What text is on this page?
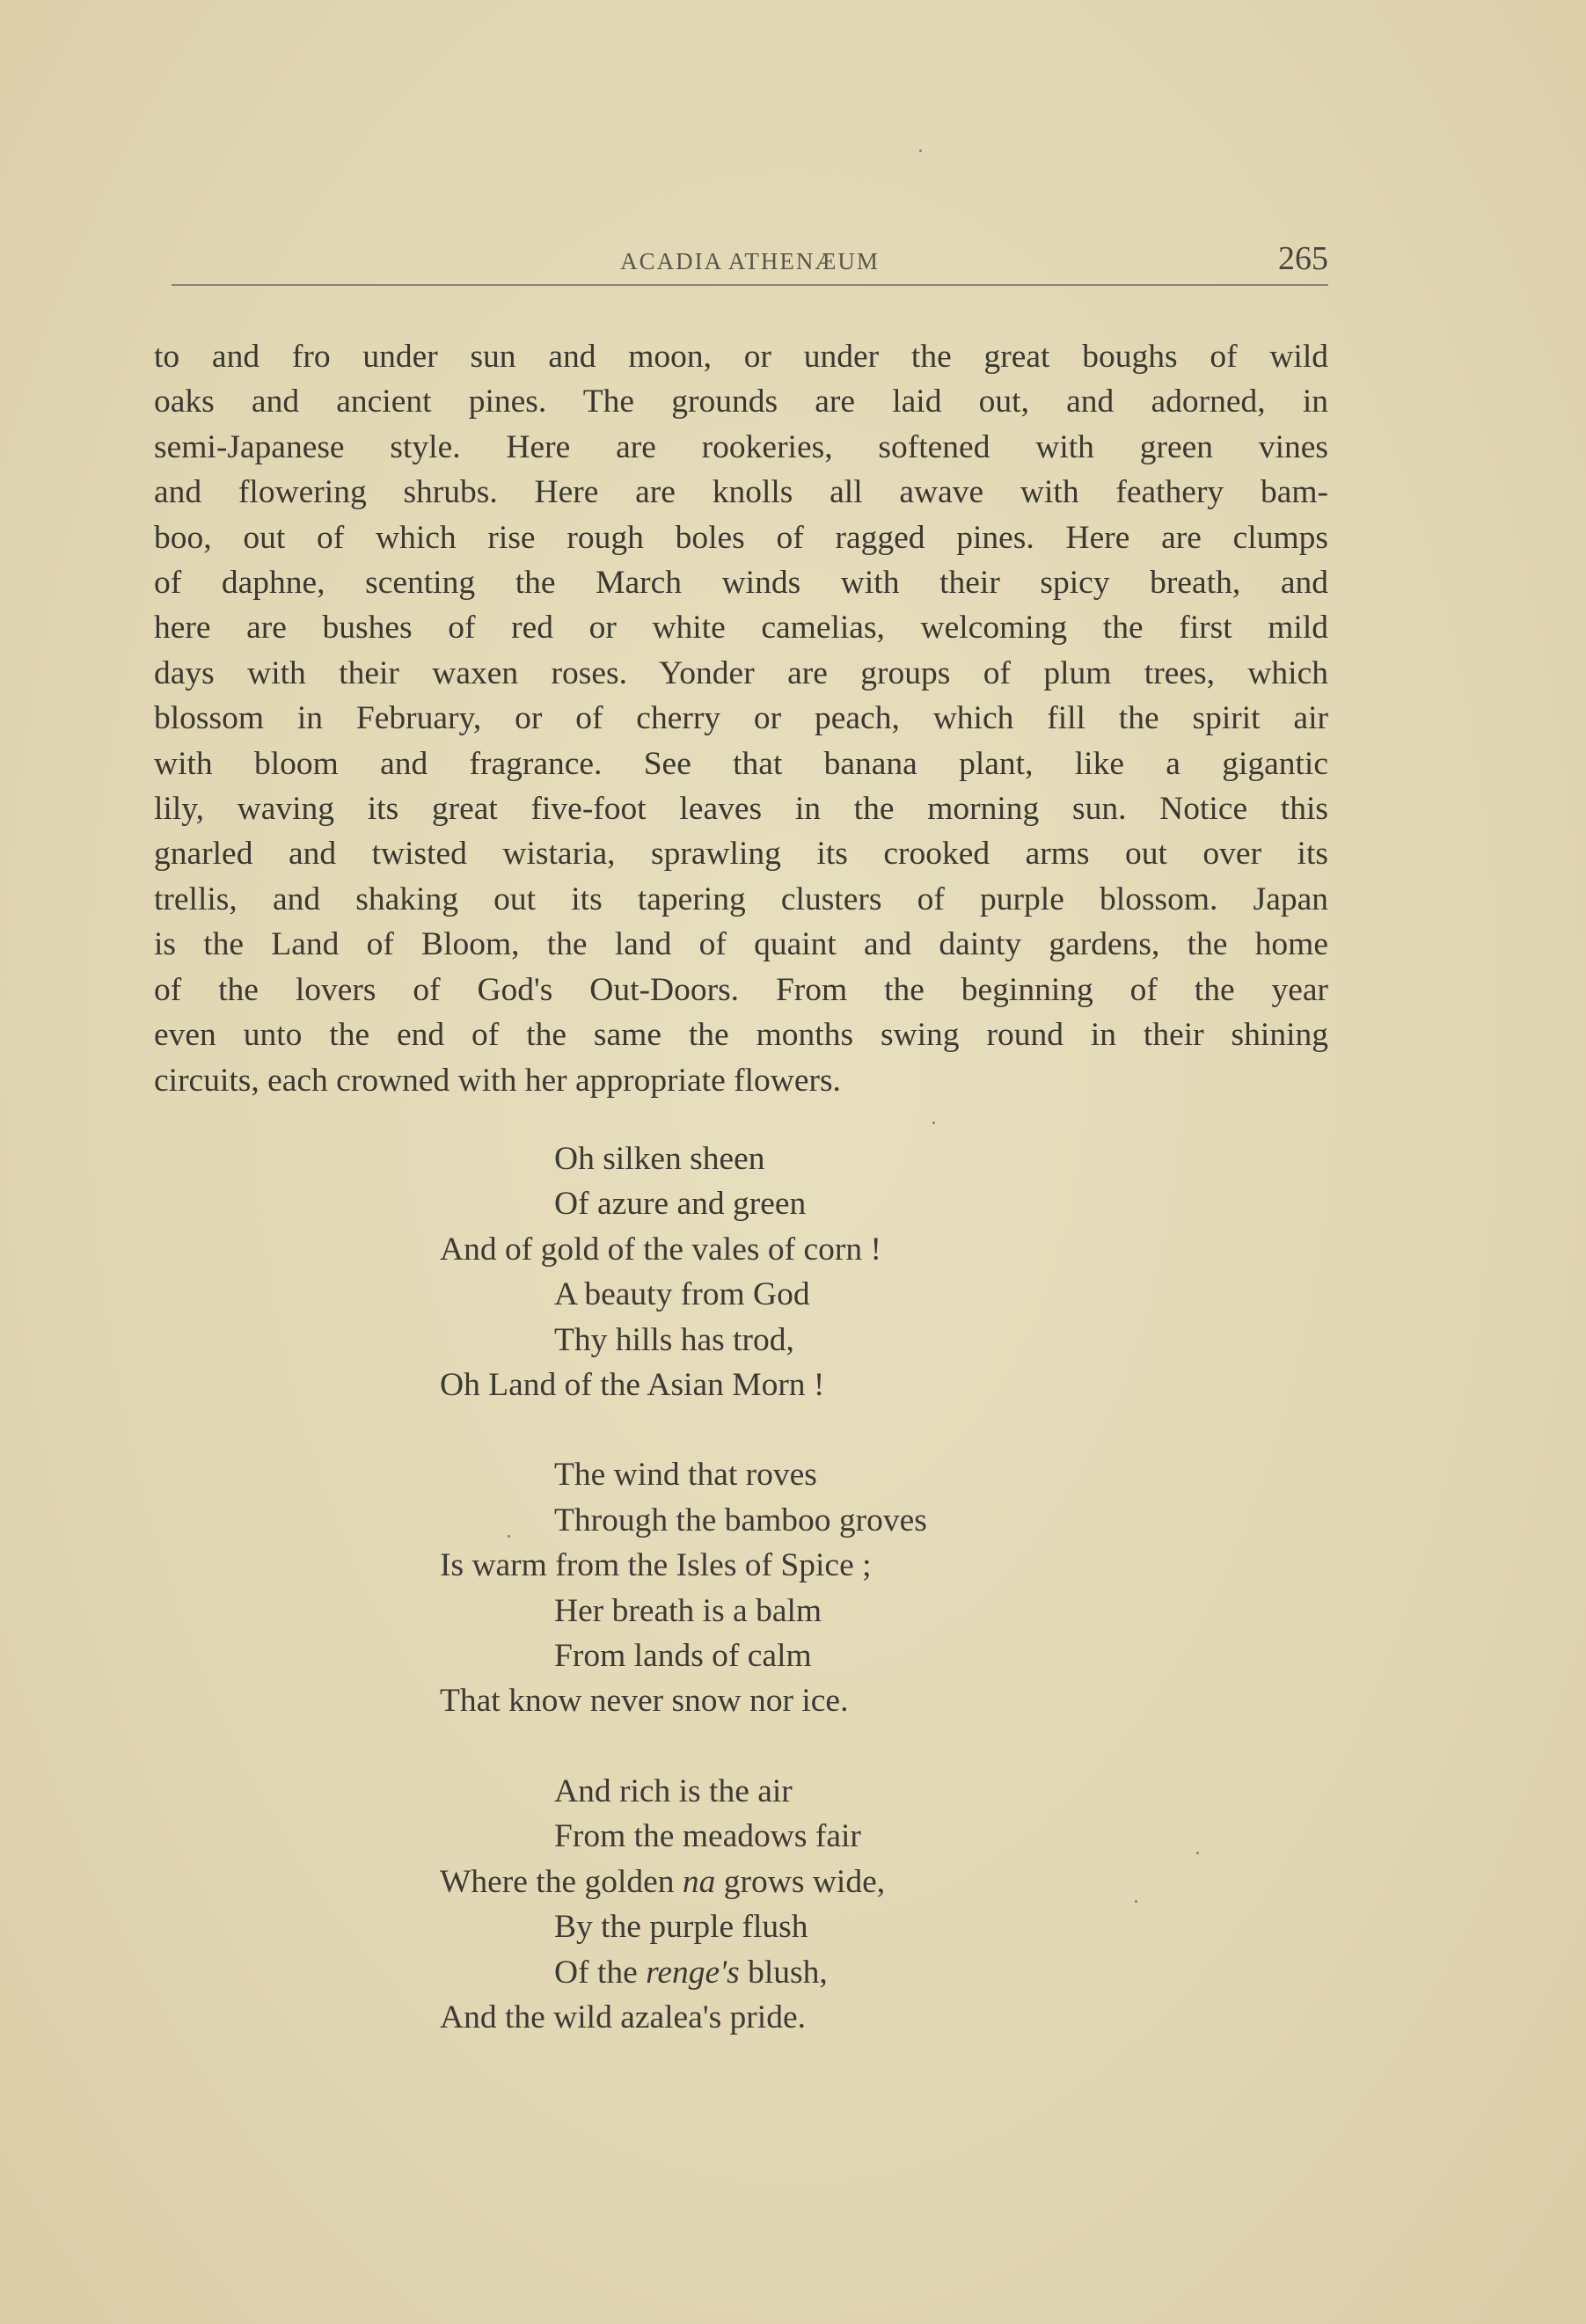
ACADIA ATHENÆUM	265
to and fro under sun and moon, or under the great boughs of wild
oaks and ancient pines. The grounds are laid out, and adorned, in
semi-Japanese style. Here are rookeries, softened with green vines
and flowering shrubs. Here are knolls all awave with feathery bam-
boo, out of which rise rough boles of ragged pines. Here are clumps
of daphne, scenting the March winds with their spicy breath, and
here are bushes of red or white camelias, welcoming the first mild
days with their waxen roses. Yonder are groups of plum trees, which
blossom in February, or of cherry or peach, which fill the spirit air
with bloom and fragrance. See that banana plant, like a gigantic
lily, waving its great five-foot leaves in the morning sun. Notice this
gnarled and twisted wistaria, sprawling its crooked arms out over its
trellis, and shaking out its tapering clusters of purple blossom. Japan
is the Land of Bloom, the land of quaint and dainty gardens, the home
of the lovers of God's Out-Doors. From the beginning of the year
even unto the end of the same the months swing round in their shining
circuits, each crowned with her appropriate flowers.
Oh silken sheen
Of azure and green
And of gold of the vales of corn !
A beauty from God
Thy hills has trod,
Oh Land of the Asian Morn !
The wind that roves
Through the bamboo groves
Is warm from the Isles of Spice ;
Her breath is a balm
From lands of calm
That know never snow nor ice.
And rich is the air
From the meadows fair
Where the golden na grows wide,
By the purple flush
Of the renge's blush,
And the wild azalea's pride.
